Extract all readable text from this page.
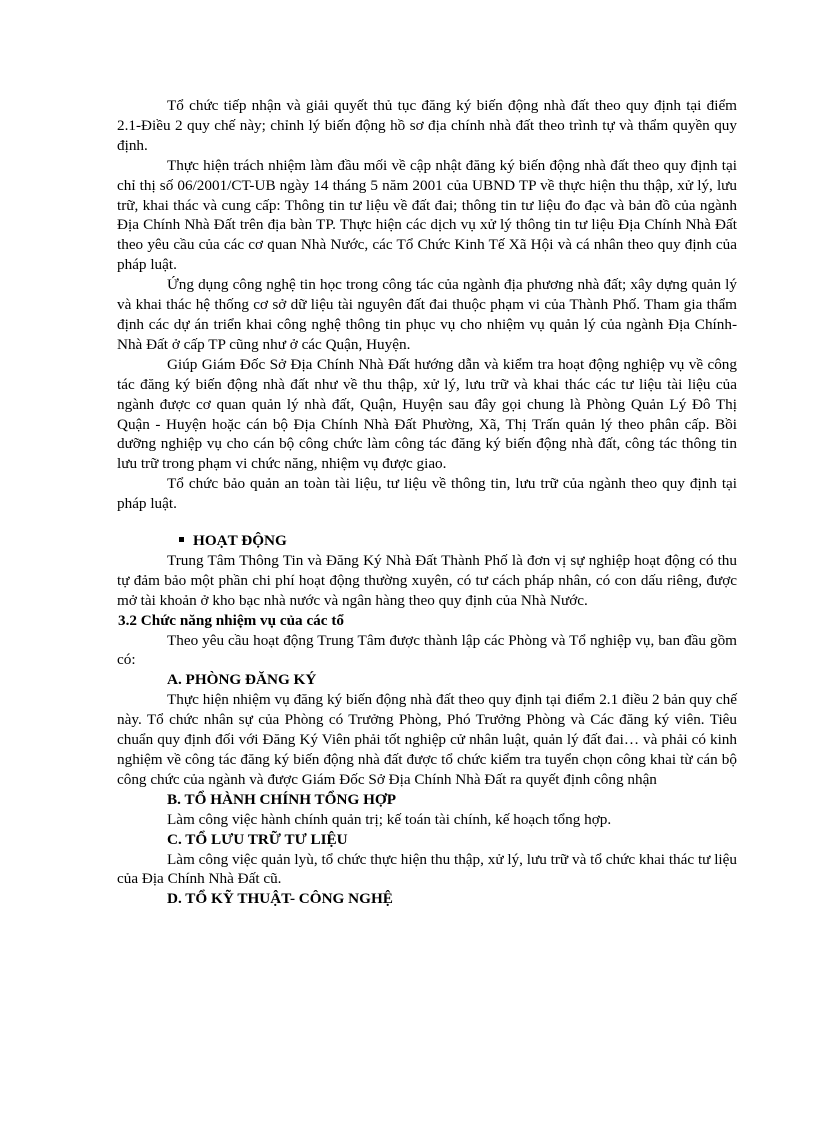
Tổ chức tiếp nhận và giải quyết thủ tục đăng ký biến động nhà đất theo quy định tại điểm 2.1-Điều 2 quy chế này; chỉnh lý biến động hồ sơ địa chính nhà đất theo trình tự và thẩm quyền quy định.

Thực hiện trách nhiệm làm đầu mối về cập nhật đăng ký biến động nhà đất theo quy định tại chỉ thị số 06/2001/CT-UB ngày 14 tháng 5 năm 2001 của UBND TP về thực hiện thu thập, xử lý, lưu trữ, khai thác và cung cấp: Thông tin tư liệu về đất đai; thông tin tư liệu đo đạc và bản đồ của ngành Địa Chính Nhà Đất trên địa bàn TP. Thực hiện các dịch vụ xử lý thông tin tư liệu Địa Chính Nhà Đất theo yêu cầu của các cơ quan Nhà Nước, các Tổ Chức Kinh Tế Xã Hội và cá nhân theo quy định của pháp luật.

Ứng dụng công nghệ tin học trong công tác của ngành địa phương nhà đất; xây dựng quản lý và khai thác hệ thống cơ sở dữ liệu tài nguyên đất đai thuộc phạm vi của Thành Phố. Tham gia thẩm định các dự án triển khai công nghệ thông tin phục vụ cho nhiệm vụ quản lý của ngành Địa Chính- Nhà Đất ở cấp TP cũng như ở các Quận, Huyện.

Giúp Giám Đốc Sở Địa Chính Nhà Đất hướng dẫn và kiểm tra hoạt động nghiệp vụ về công tác đăng ký biến động nhà đất như về thu thập, xử lý, lưu trữ và khai thác các tư liệu tài liệu của ngành được cơ quan quản lý nhà đất, Quận, Huyện sau đây gọi chung là Phòng Quản Lý Đô Thị Quận - Huyện hoặc cán bộ Địa Chính Nhà Đất Phường, Xã, Thị Trấn quản lý theo phân cấp. Bồi dưỡng nghiệp vụ cho cán bộ công chức làm công tác đăng ký biến động nhà đất, công tác thông tin lưu trữ trong phạm vi chức năng, nhiệm vụ được giao.

Tổ chức bảo quản an toàn tài liệu, tư liệu về thông tin, lưu trữ của ngành theo quy định tại pháp luật.

HOẠT ĐỘNG

Trung Tâm Thông Tin và Đăng Ký Nhà Đất Thành Phố là đơn vị sự nghiệp hoạt động có thu tự đảm bảo một phần chi phí hoạt động thường xuyên, có tư cách pháp nhân, có con dấu riêng, được mở tài khoản ở kho bạc nhà nước và ngân hàng theo quy định của Nhà Nước.

3.2 Chức năng nhiệm vụ của các tổ

Theo yêu cầu hoạt động Trung Tâm được thành lập các Phòng và Tổ nghiệp vụ, ban đầu gồm có:

A. PHÒNG ĐĂNG KÝ

Thực hiện nhiệm vụ đăng ký biến động nhà đất theo quy định tại điểm 2.1 điều 2 bản quy chế này. Tổ chức nhân sự của Phòng có Trưởng Phòng, Phó Trưởng Phòng và Các đăng ký viên. Tiêu chuẩn quy định đối với Đăng Ký Viên phải tốt nghiệp cử nhân luật, quản lý đất đai… và phải có kinh nghiệm về công tác đăng ký biến động nhà đất được tổ chức kiểm tra tuyển chọn công khai từ cán bộ công chức của ngành và được Giám Đốc Sở Địa Chính Nhà Đất ra quyết định công nhận

B. TỔ HÀNH CHÍNH TỔNG HỢP

Làm công việc hành chính quản trị; kế toán tài chính, kế hoạch tổng hợp.

C. TỔ LƯU TRỮ TƯ LIỆU

Làm công việc quản lyù, tổ chức thực hiện thu thập, xử lý, lưu trữ và tổ chức khai thác tư liệu của Địa Chính Nhà Đất cũ.

D. TỔ KỸ THUẬT- CÔNG NGHỆ
